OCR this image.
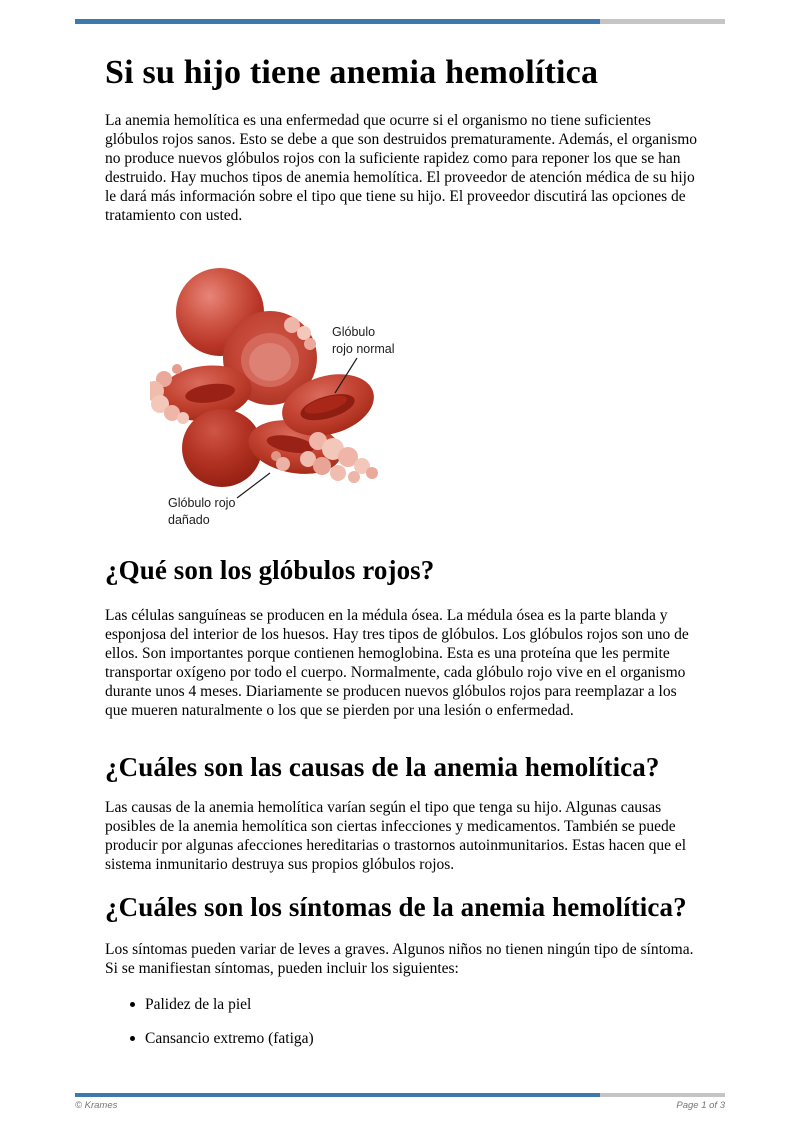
Si su hijo tiene anemia hemolítica

La anemia hemolítica es una enfermedad que ocurre si el organismo no tiene suficientes glóbulos rojos sanos. Esto se debe a que son destruidos prematuramente. Además, el organismo no produce nuevos glóbulos rojos con la suficiente rapidez como para reponer los que se han destruido. Hay muchos tipos de anemia hemolítica. El proveedor de atención médica de su hijo le dará más información sobre el tipo que tiene su hijo. El proveedor discutirá las opciones de tratamiento con usted.

Glóbulo
rojo normal
Glóbulo rojo
dañado
¿Qué son los glóbulos rojos?

Las células sanguíneas se producen en la médula ósea. La médula ósea es la parte blanda y esponjosa del interior de los huesos. Hay tres tipos de glóbulos. Los glóbulos rojos son uno de ellos. Son importantes porque contienen hemoglobina. Esta es una proteína que les permite transportar oxígeno por todo el cuerpo. Normalmente, cada glóbulo rojo vive en el organismo durante unos 4 meses. Diariamente se producen nuevos glóbulos rojos para reemplazar a los que mueren naturalmente o los que se pierden por una lesión o enfermedad.

¿Cuáles son las causas de la anemia hemolítica?

Las causas de la anemia hemolítica varían según el tipo que tenga su hijo. Algunas causas posibles de la anemia hemolítica son ciertas infecciones y medicamentos. También se puede producir por algunas afecciones hereditarias o trastornos autoinmunitarios. Estas hacen que el sistema inmunitario destruya sus propios glóbulos rojos.

¿Cuáles son los síntomas de la anemia hemolítica?

Los síntomas pueden variar de leves a graves. Algunos niños no tienen ningún tipo de síntoma. Si se manifiestan síntomas, pueden incluir los siguientes:

Palidez de la piel
Cansancio extremo (fatiga)
© Krames	Page 1 of 3
